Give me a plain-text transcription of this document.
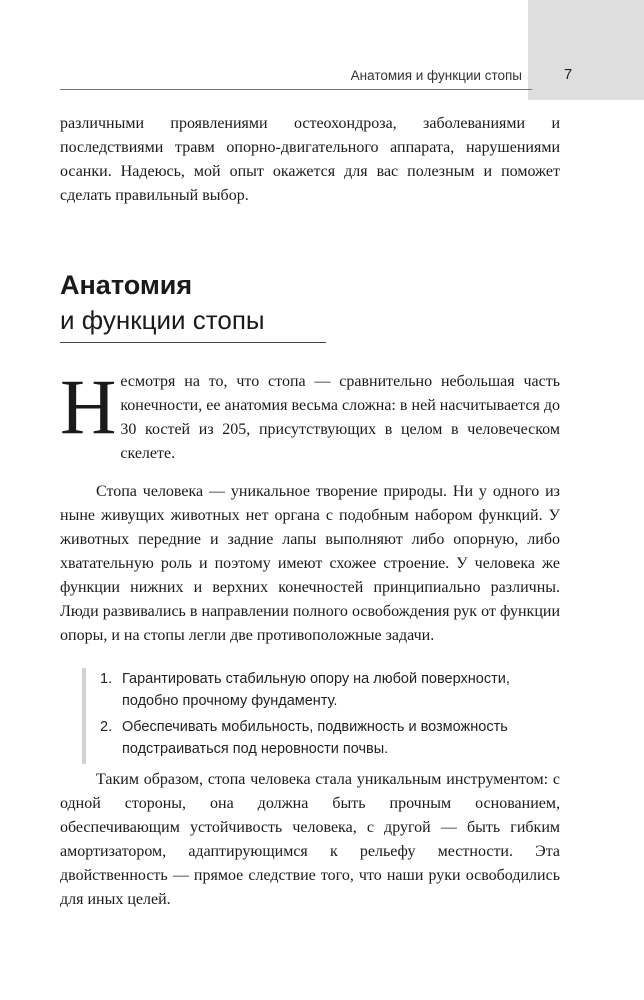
7
Анатомия и функции стопы

различными проявлениями остеохондроза, заболеваниями и последствиями травм опорно-двигательного аппарата, нарушениями осанки. Надеюсь, мой опыт окажется для вас полезным и поможет сделать правильный выбор.

Анатомия
и функции стопы

Несмотря на то, что стопа — сравнительно небольшая часть конечности, ее анатомия весьма сложна: в ней насчитывается до 30 костей из 205, присутствующих в целом в человеческом скелете.

Стопа человека — уникальное творение природы. Ни у одного из ныне живущих животных нет органа с подобным набором функций. У животных передние и задние лапы выполняют либо опорную, либо хватательную роль и поэтому имеют схожее строение. У человека же функции нижних и верхних конечностей принципиально различны. Люди развивались в направлении полного освобождения рук от функции опоры, и на стопы легли две противоположные задачи.

1. Гарантировать стабильную опору на любой поверхности, подобно прочному фундаменту.
2. Обеспечивать мобильность, подвижность и возможность подстраиваться под неровности почвы.

Таким образом, стопа человека стала уникальным инструментом: с одной стороны, она должна быть прочным основанием, обеспечивающим устойчивость человека, с другой — быть гибким амортизатором, адаптирующимся к рельефу местности. Эта двойственность — прямое следствие того, что наши руки освободились для иных целей.
